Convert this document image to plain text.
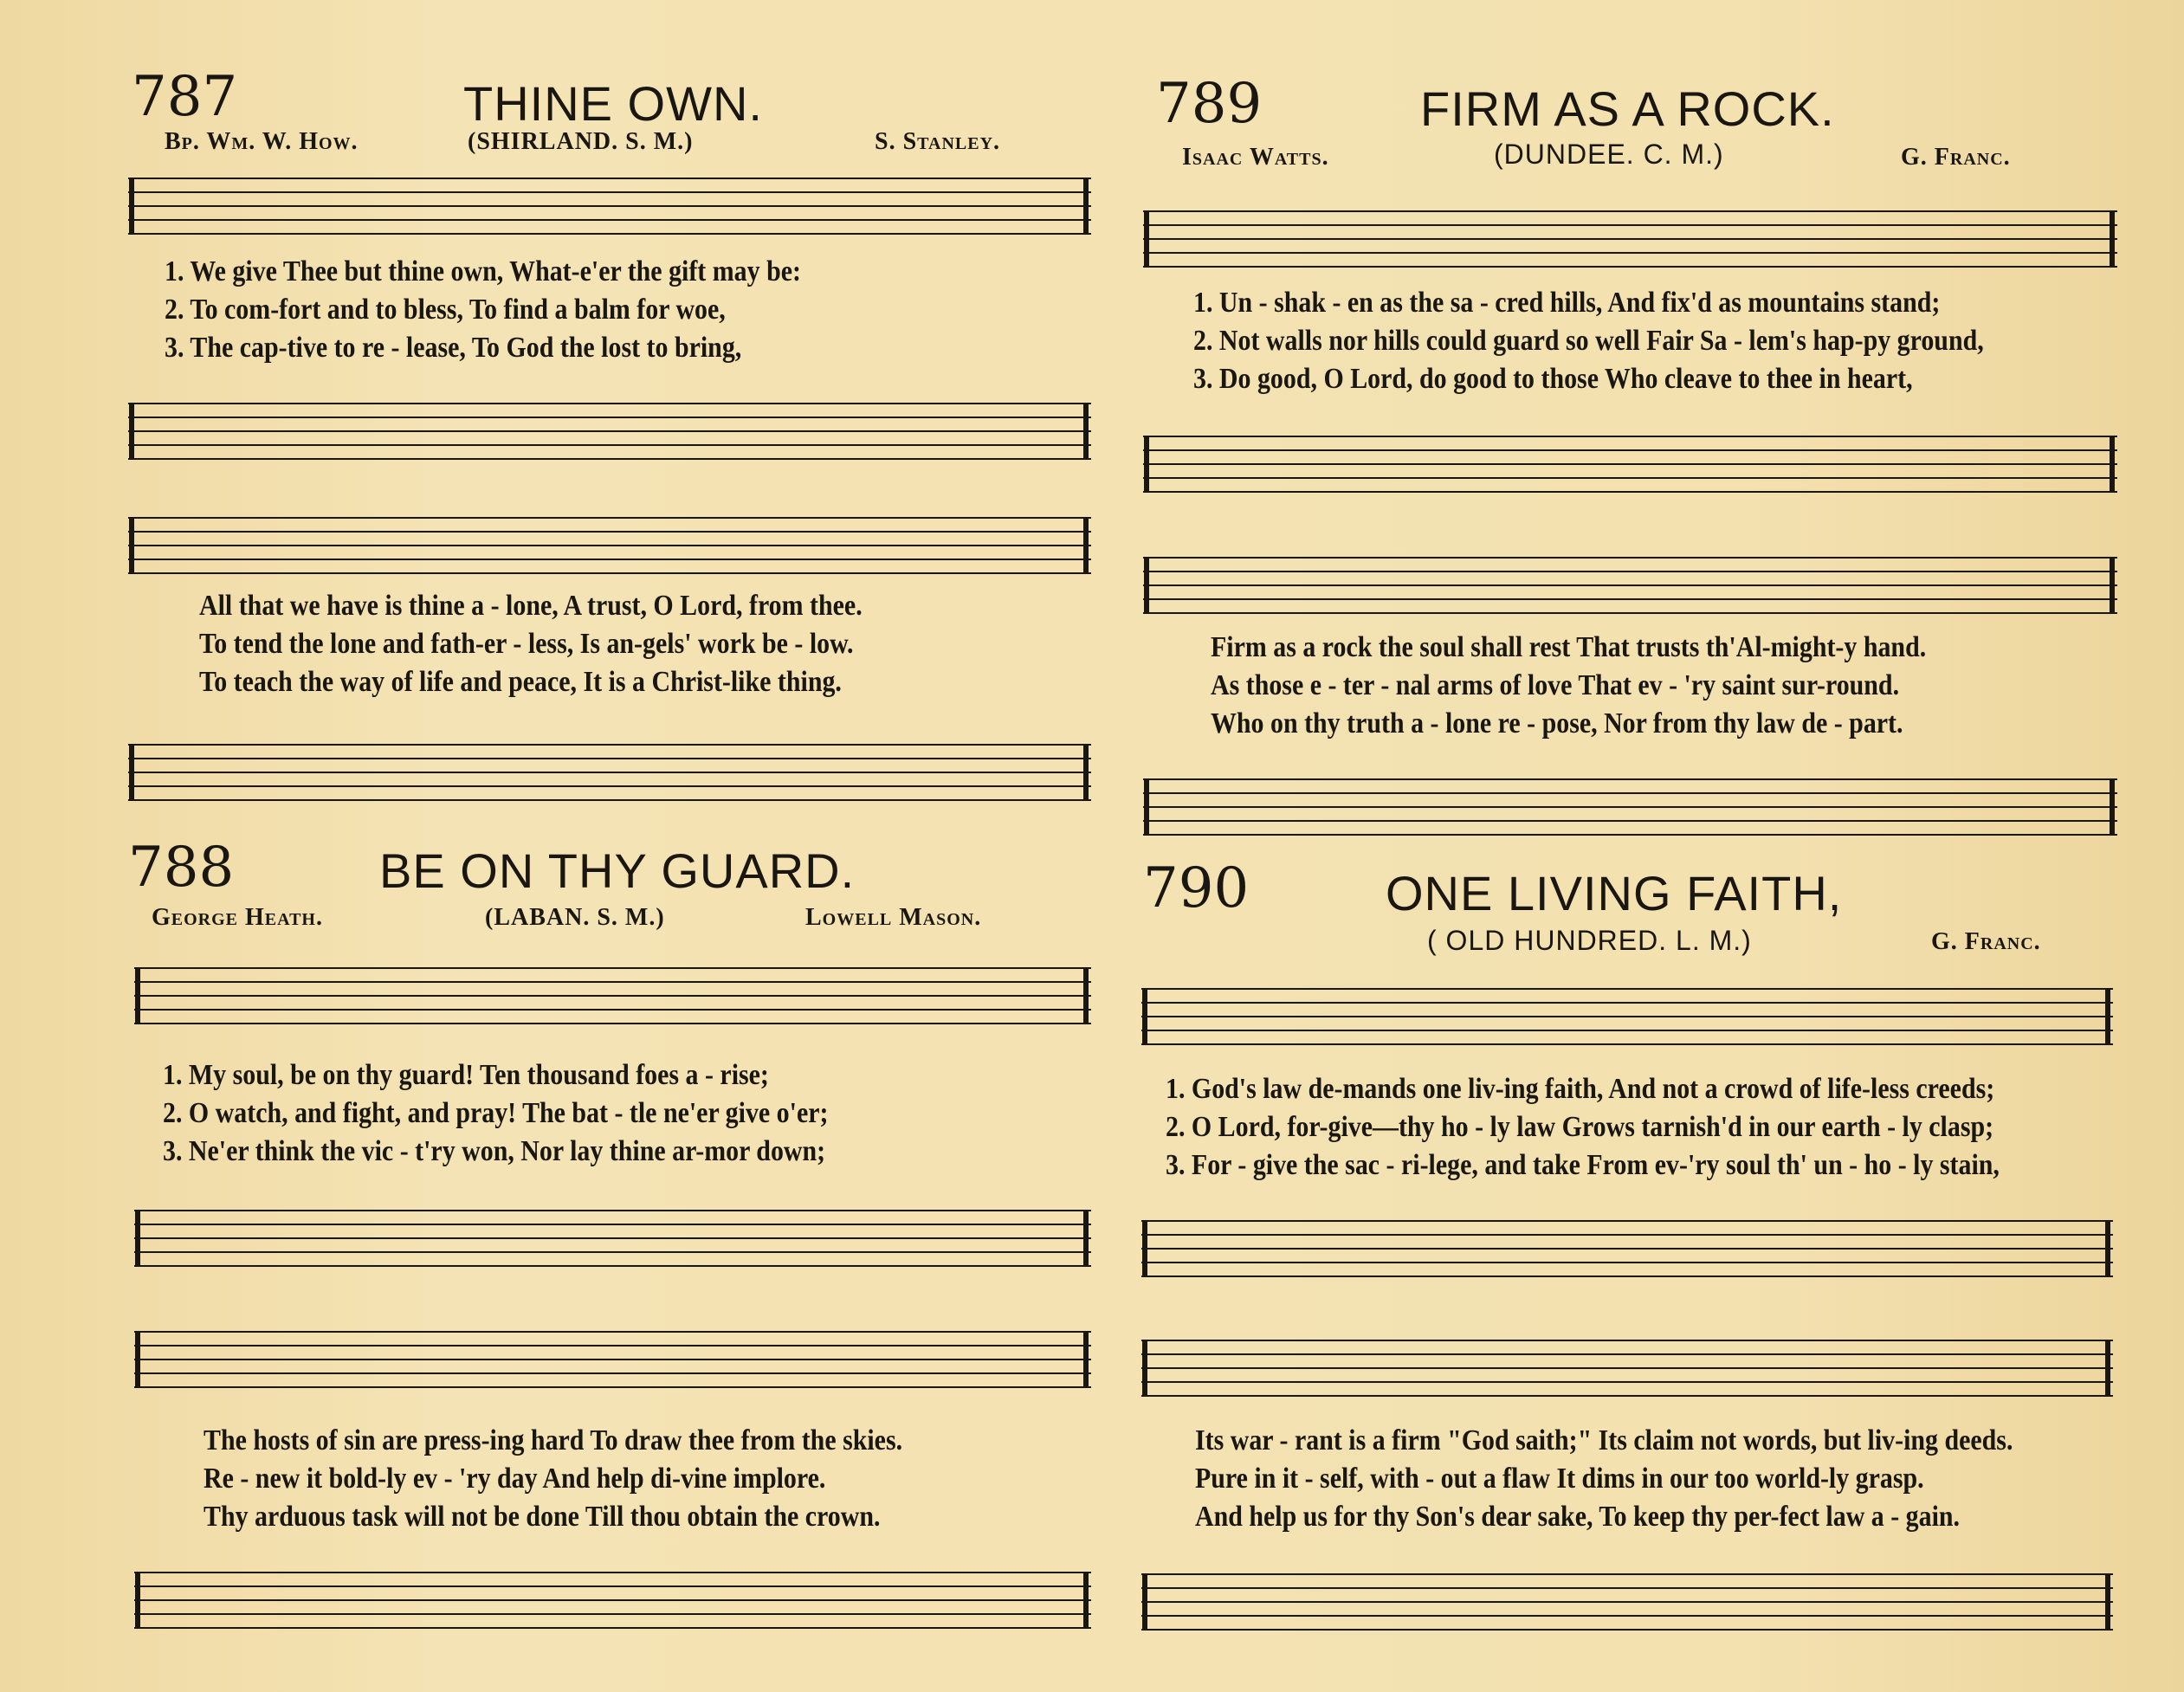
787	THINE OWN.
Bp. Wm. W. How.	(SHIRLAND. S. M.)	S. Stanley.
1. We give Thee but thine own, What-e'er the gift may be:
2. To com-fort and to bless, To find a balm for woe,
3. The cap-tive to re - lease, To God the lost to bring,
All that we have is thine a - lone, A trust, O Lord, from thee.
To tend the lone and fath-er - less, Is an-gels' work be - low.
To teach the way of life and peace, It is a Christ-like thing.
788	BE ON THY GUARD.
George Heath.	(LABAN. S. M.)	Lowell Mason.
1. My soul, be on thy guard! Ten thousand foes a - rise;
2. O watch, and fight, and pray! The bat - tle ne'er give o'er;
3. Ne'er think the vic - t'ry won, Nor lay thine ar-mor down;
The hosts of sin are press-ing hard To draw thee from the skies.
Re - new it bold-ly ev - 'ry day And help di-vine implore.
Thy arduous task will not be done Till thou obtain the crown.
789	FIRM AS A ROCK.
Isaac Watts.	(DUNDEE. C. M.)	G. Franc.
1. Un - shak - en as the sa - cred hills, And fix'd as mountains stand;
2. Not walls nor hills could guard so well Fair Sa - lem's hap-py ground,
3. Do good, O Lord, do good to those Who cleave to thee in heart,
Firm as a rock the soul shall rest That trusts th'Al-might-y hand.
As those e - ter - nal arms of love That ev - 'ry saint sur-round.
Who on thy truth a - lone re - pose, Nor from thy law de - part.
790	ONE LIVING FAITH,
( OLD HUNDRED. L. M.)	G. Franc.
1. God's law de-mands one liv-ing faith, And not a crowd of life-less creeds;
2. O Lord, for-give—thy ho - ly law Grows tarnish'd in our earth - ly clasp;
3. For - give the sac - ri-lege, and take From ev-'ry soul th' un - ho - ly stain,
Its war - rant is a firm "God saith;" Its claim not words, but liv-ing deeds.
Pure in it - self, with - out a flaw It dims in our too world-ly grasp.
And help us for thy Son's dear sake, To keep thy per-fect law a - gain.
